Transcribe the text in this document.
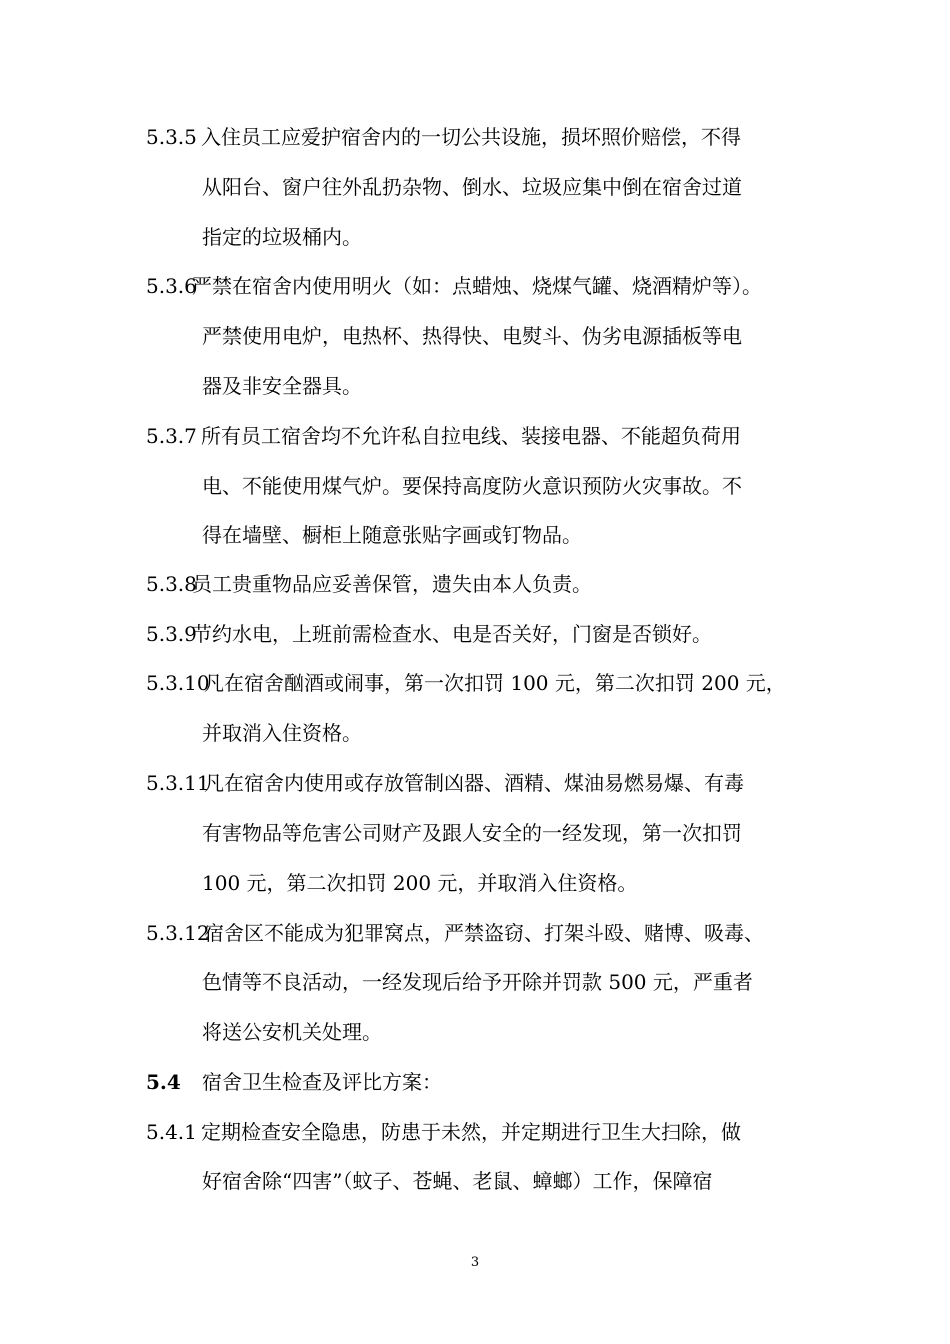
5.3.5 入住员工应爱护宿舍内的一切公共设施，损坏照价赔偿，不得
从阳台、窗户往外乱扔杂物、倒水、垃圾应集中倒在宿舍过道
指定的垃圾桶内。
5.3.6严禁在宿舍内使用明火（如：点蜡烛、烧煤气罐、烧酒精炉等）。
严禁使用电炉，电热杯、热得快、电熨斗、伪劣电源插板等电
器及非安全器具。
5.3.7 所有员工宿舍均不允许私自拉电线、装接电器、不能超负荷用
电、不能使用煤气炉。要保持高度防火意识预防火灾事故。不
得在墙壁、橱柜上随意张贴字画或钉物品。
5.3.8员工贵重物品应妥善保管，遗失由本人负责。
5.3.9节约水电，上班前需检查水、电是否关好，门窗是否锁好。
5.3.10凡在宿舍酗酒或闹事，第一次扣罚 100 元，第二次扣罚 200 元，
并取消入住资格。
5.3.11凡在宿舍内使用或存放管制凶器、酒精、煤油易燃易爆、有毒
有害物品等危害公司财产及跟人安全的一经发现，第一次扣罚
100 元，第二次扣罚 200 元，并取消入住资格。
5.3.12宿舍区不能成为犯罪窝点，严禁盗窃、打架斗殴、赌博、吸毒、
色情等不良活动，一经发现后给予开除并罚款 500 元，严重者
将送公安机关处理。
5.4 宿舍卫生检查及评比方案：
5.4.1 定期检查安全隐患，防患于未然，并定期进行卫生大扫除，做
好宿舍除“四害”（蚊子、苍蝇、老鼠、蟑螂）工作，保障宿
3
